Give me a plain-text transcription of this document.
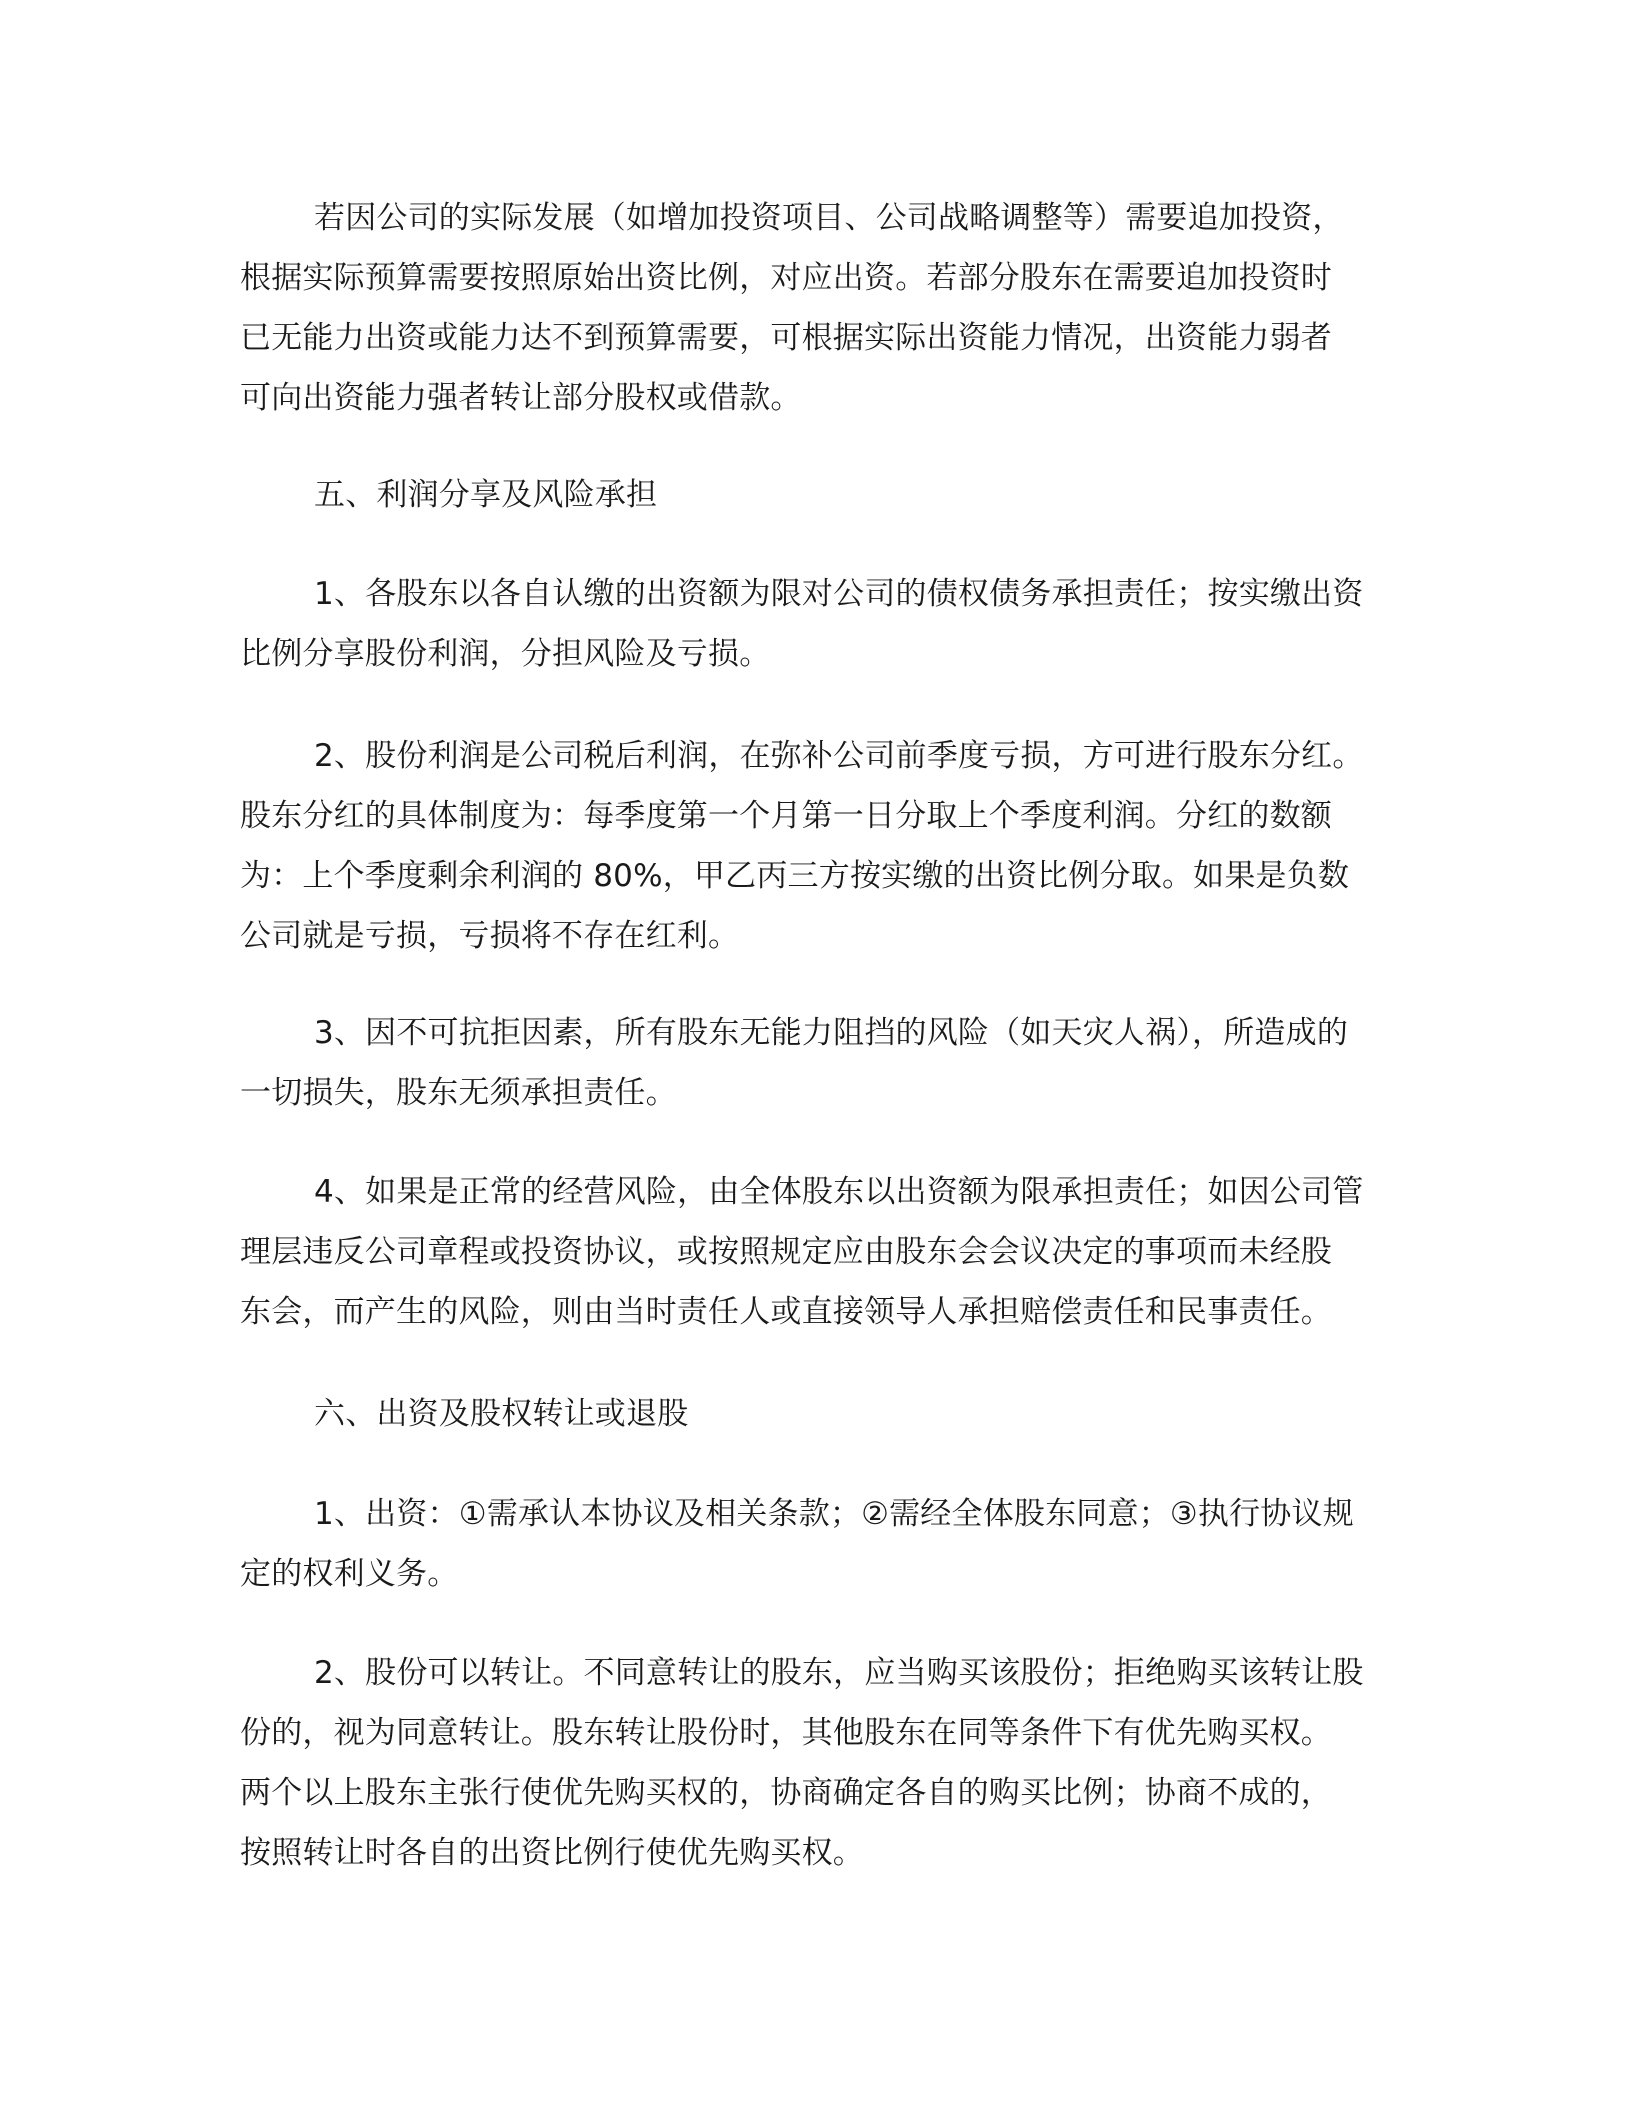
若因公司的实际发展（如增加投资项目、公司战略调整等）需要追加投资，
根据实际预算需要按照原始出资比例，对应出资。若部分股东在需要追加投资时
已无能力出资或能力达不到预算需要，可根据实际出资能力情况，出资能力弱者
可向出资能力强者转让部分股权或借款。
五、利润分享及风险承担
1、各股东以各自认缴的出资额为限对公司的债权债务承担责任；按实缴出资
比例分享股份利润，分担风险及亏损。
2、股份利润是公司税后利润，在弥补公司前季度亏损，方可进行股东分红。
股东分红的具体制度为：每季度第一个月第一日分取上个季度利润。分红的数额
为：上个季度剩余利润的 80%，甲乙丙三方按实缴的出资比例分取。如果是负数
公司就是亏损，亏损将不存在红利。
3、因不可抗拒因素，所有股东无能力阻挡的风险（如天灾人祸），所造成的
一切损失，股东无须承担责任。
4、如果是正常的经营风险，由全体股东以出资额为限承担责任；如因公司管
理层违反公司章程或投资协议，或按照规定应由股东会会议决定的事项而未经股
东会，而产生的风险，则由当时责任人或直接领导人承担赔偿责任和民事责任。
六、出资及股权转让或退股
1、出资：①需承认本协议及相关条款；②需经全体股东同意；③执行协议规
定的权利义务。
2、股份可以转让。不同意转让的股东，应当购买该股份；拒绝购买该转让股
份的，视为同意转让。股东转让股份时，其他股东在同等条件下有优先购买权。
两个以上股东主张行使优先购买权的，协商确定各自的购买比例；协商不成的，
按照转让时各自的出资比例行使优先购买权。
